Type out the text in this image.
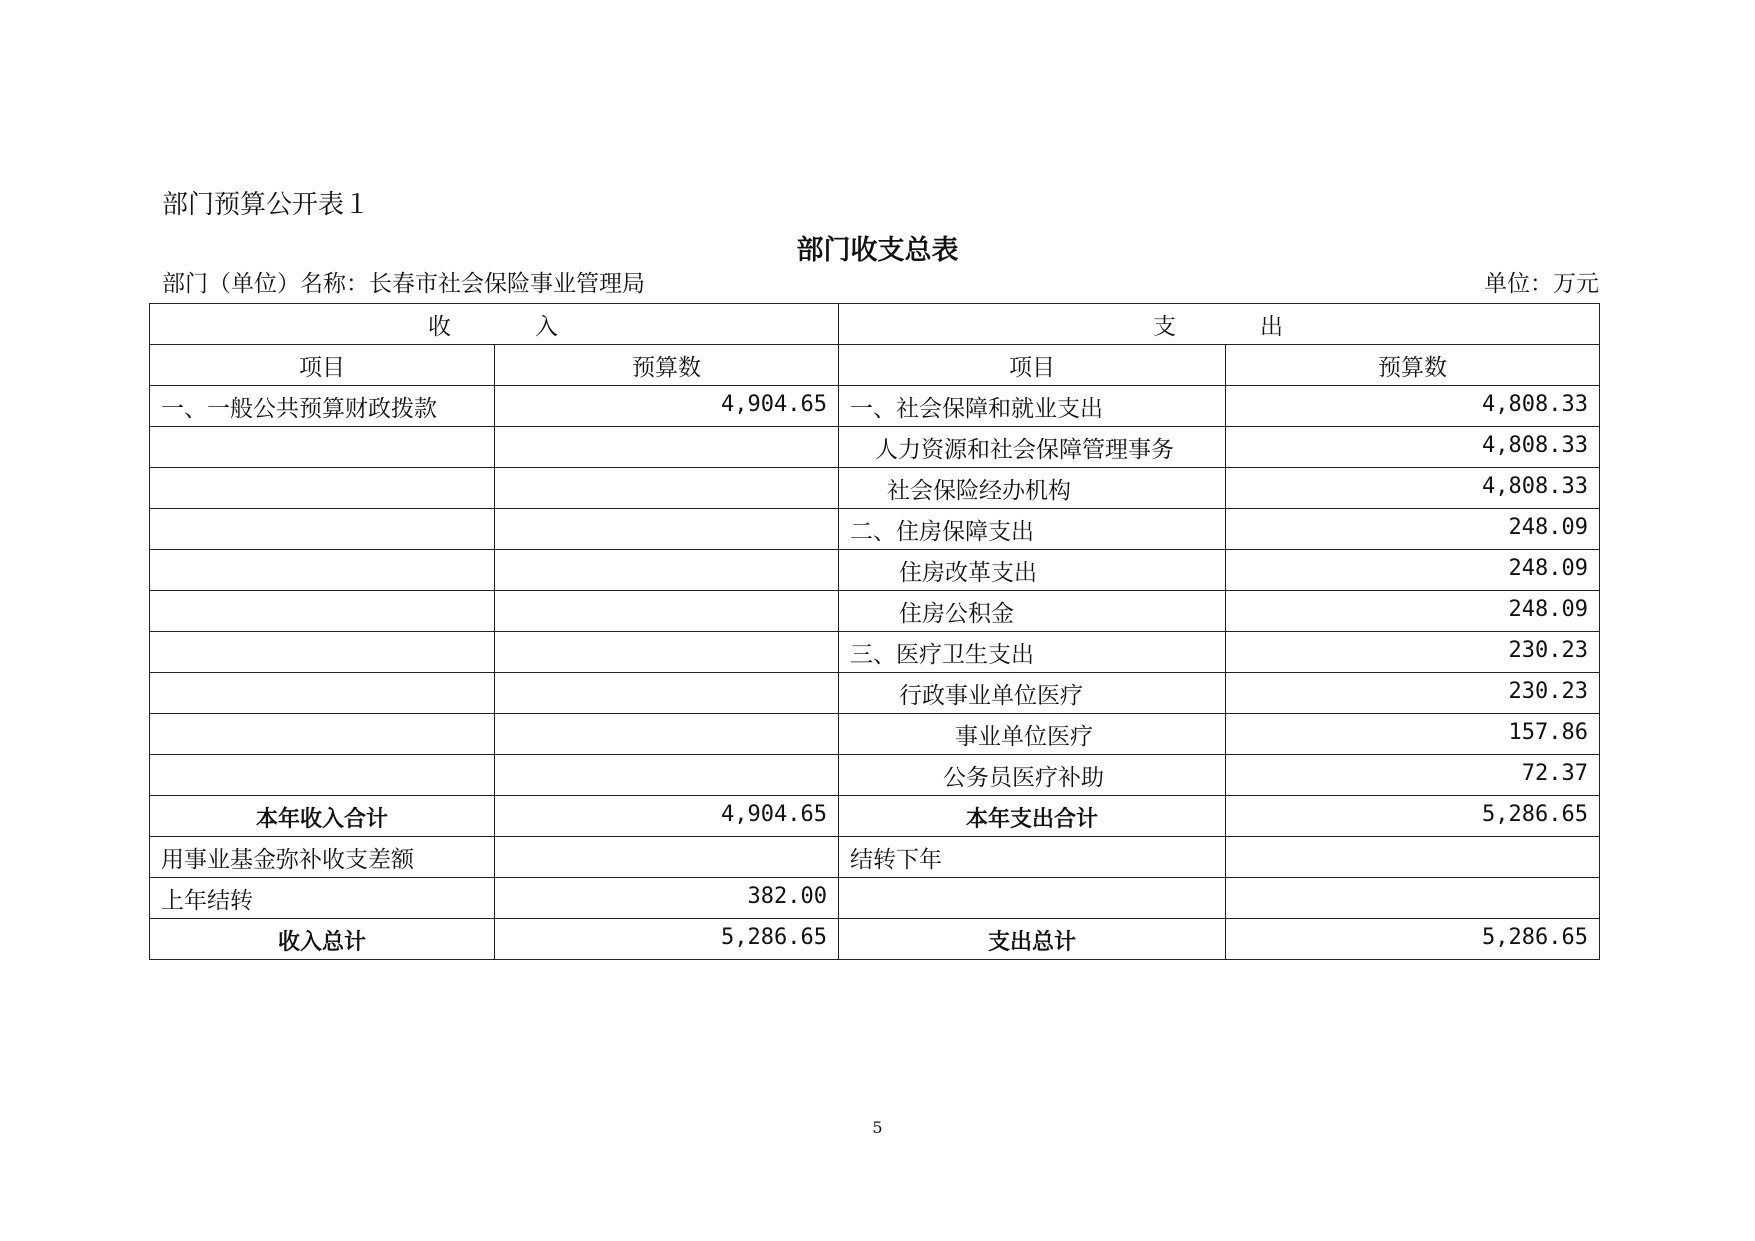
部门预算公开表１
部门收支总表
部门（单位）名称：长春市社会保险事业管理局	单位：万元
收 入		支 出	
项目	预算数	项目	预算数
一、一般公共预算财政拨款	4,904.65	一、社会保障和就业支出	4,808.33
		人力资源和社会保障管理事务	4,808.33
		社会保险经办机构	4,808.33
		二、住房保障支出	248.09
		住房改革支出	248.09
		住房公积金	248.09
		三、医疗卫生支出	230.23
		行政事业单位医疗	230.23
		事业单位医疗	157.86
		公务员医疗补助	72.37
本年收入合计	4,904.65	本年支出合计	5,286.65
用事业基金弥补收支差额		结转下年	
上年结转	382.00		
收入总计	5,286.65	支出总计	5,286.65
5
